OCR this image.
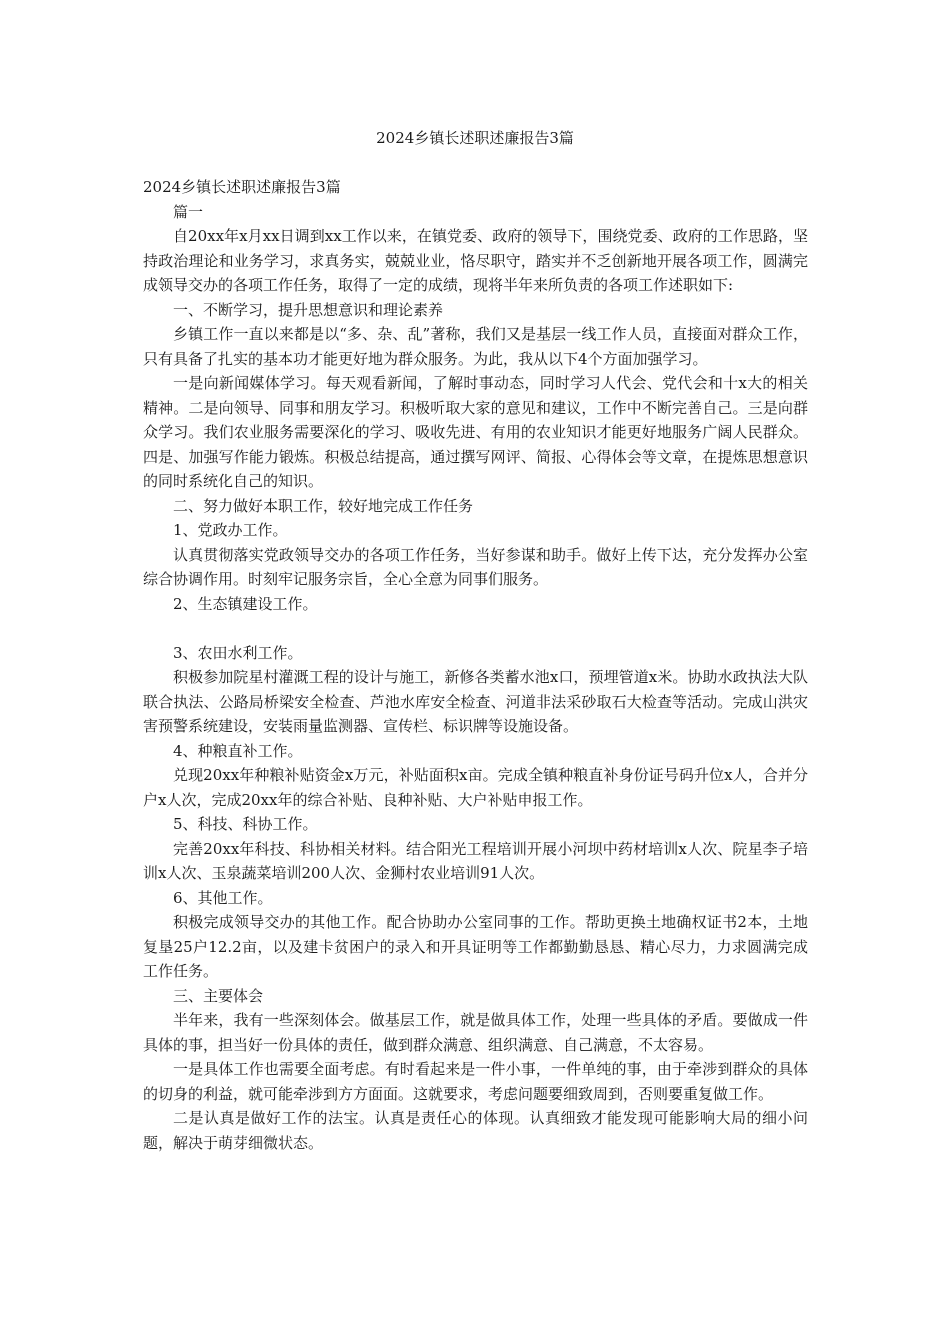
2024乡镇长述职述廉报告3篇

2024乡镇长述职述廉报告3篇

篇一

自20xx年x月xx日调到xx工作以来，在镇党委、政府的领导下，围绕党委、政府的工作思路，坚持政治理论和业务学习，求真务实，兢兢业业，恪尽职守，踏实并不乏创新地开展各项工作，圆满完成领导交办的各项工作任务，取得了一定的成绩，现将半年来所负责的各项工作述职如下:

一、不断学习，提升思想意识和理论素养

乡镇工作一直以来都是以“多、杂、乱”著称，我们又是基层一线工作人员，直接面对群众工作，只有具备了扎实的基本功才能更好地为群众服务。为此，我从以下4个方面加强学习。

一是向新闻媒体学习。每天观看新闻，了解时事动态，同时学习人代会、党代会和十x大的相关精神。二是向领导、同事和朋友学习。积极听取大家的意见和建议，工作中不断完善自己。三是向群众学习。我们农业服务需要深化的学习、吸收先进、有用的农业知识才能更好地服务广阔人民群众。四是、加强写作能力锻炼。积极总结提高，通过撰写网评、简报、心得体会等文章，在提炼思想意识的同时系统化自己的知识。

二、努力做好本职工作，较好地完成工作任务

1、党政办工作。

认真贯彻落实党政领导交办的各项工作任务，当好参谋和助手。做好上传下达，充分发挥办公室综合协调作用。时刻牢记服务宗旨，全心全意为同事们服务。

2、生态镇建设工作。

3、农田水利工作。

积极参加院星村灌溉工程的设计与施工，新修各类蓄水池x口，预埋管道x米。协助水政执法大队联合执法、公路局桥梁安全检查、芦池水库安全检查、河道非法采砂取石大检查等活动。完成山洪灾害预警系统建设，安装雨量监测器、宣传栏、标识牌等设施设备。

4、种粮直补工作。

兑现20xx年种粮补贴资金x万元，补贴面积x亩。完成全镇种粮直补身份证号码升位x人，合并分户x人次，完成20xx年的综合补贴、良种补贴、大户补贴申报工作。

5、科技、科协工作。

完善20xx年科技、科协相关材料。结合阳光工程培训开展小河坝中药材培训x人次、院星李子培训x人次、玉泉蔬菜培训200人次、金狮村农业培训91人次。

6、其他工作。

积极完成领导交办的其他工作。配合协助办公室同事的工作。帮助更换土地确权证书2本，土地复垦25户12.2亩，以及建卡贫困户的录入和开具证明等工作都勤勤恳恳、精心尽力，力求圆满完成工作任务。

三、主要体会

半年来，我有一些深刻体会。做基层工作，就是做具体工作，处理一些具体的矛盾。要做成一件具体的事，担当好一份具体的责任，做到群众满意、组织满意、自己满意，不太容易。

一是具体工作也需要全面考虑。有时看起来是一件小事，一件单纯的事，由于牵涉到群众的具体的切身的利益，就可能牵涉到方方面面。这就要求，考虑问题要细致周到，否则要重复做工作。

二是认真是做好工作的法宝。认真是责任心的体现。认真细致才能发现可能影响大局的细小问题，解决于萌芽细微状态。
